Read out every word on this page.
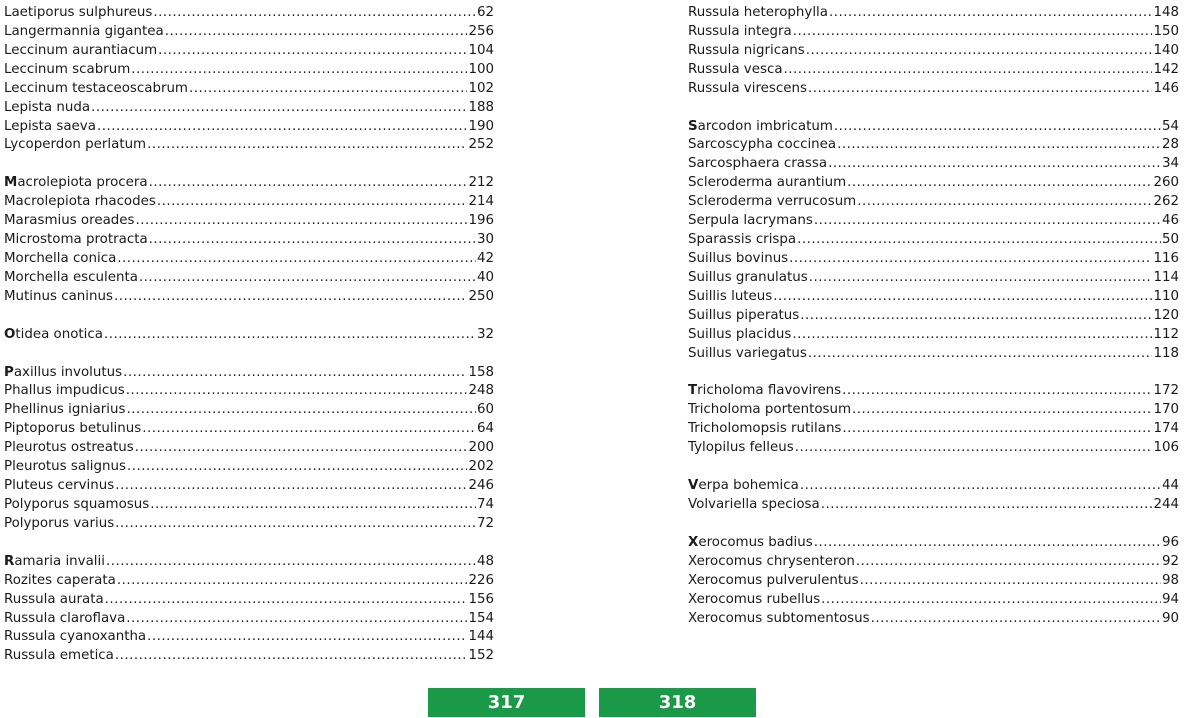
Laetiporus sulphureus .....	62
Langermannia gigantea .....	256
Leccinum aurantiacum .....	104
Leccinum scabrum .....	100
Leccinum testaceoscabrum .....	102
Lepista nuda .....	188
Lepista saeva .....	190
Lycoperdon perlatum .....	252
Macrolepiota procera .....	212
Macrolepiota rhacodes .....	214
Marasmius oreades .....	196
Microstoma protracta .....	30
Morchella conica .....	42
Morchella esculenta .....	40
Mutinus caninus .....	250
Otidea onotica .....	32
Paxillus involutus .....	158
Phallus impudicus .....	248
Phellinus igniarius .....	60
Piptoporus betulinus .....	64
Pleurotus ostreatus .....	200
Pleurotus salignus .....	202
Pluteus cervinus .....	246
Polyporus squamosus .....	74
Polyporus varius .....	72
Ramaria invalii .....	48
Rozites caperata .....	226
Russula aurata .....	156
Russula claroflava .....	154
Russula cyanoxantha .....	144
Russula emetica .....	152
Russula heterophylla .....	148
Russula integra .....	150
Russula nigricans .....	140
Russula vesca .....	142
Russula virescens .....	146
Sarcodon imbricatum .....	54
Sarcoscypha coccinea .....	28
Sarcosphaera crassa .....	34
Scleroderma aurantium .....	260
Scleroderma verrucosum .....	262
Serpula lacrymans .....	46
Sparassis crispa .....	50
Suillus bovinus .....	116
Suillus granulatus .....	114
Suillis luteus .....	110
Suillus piperatus .....	120
Suillus placidus .....	112
Suillus variegatus .....	118
Tricholoma flavovirens .....	172
Tricholoma portentosum .....	170
Tricholomopsis rutilans .....	174
Tylopilus felleus .....	106
Verpa bohemica .....	44
Volvariella speciosa .....	244
Xerocomus badius .....	96
Xerocomus chrysenteron .....	92
Xerocomus pulverulentus .....	98
Xerocomus rubellus .....	94
Xerocomus subtomentosus .....	90
317	318
